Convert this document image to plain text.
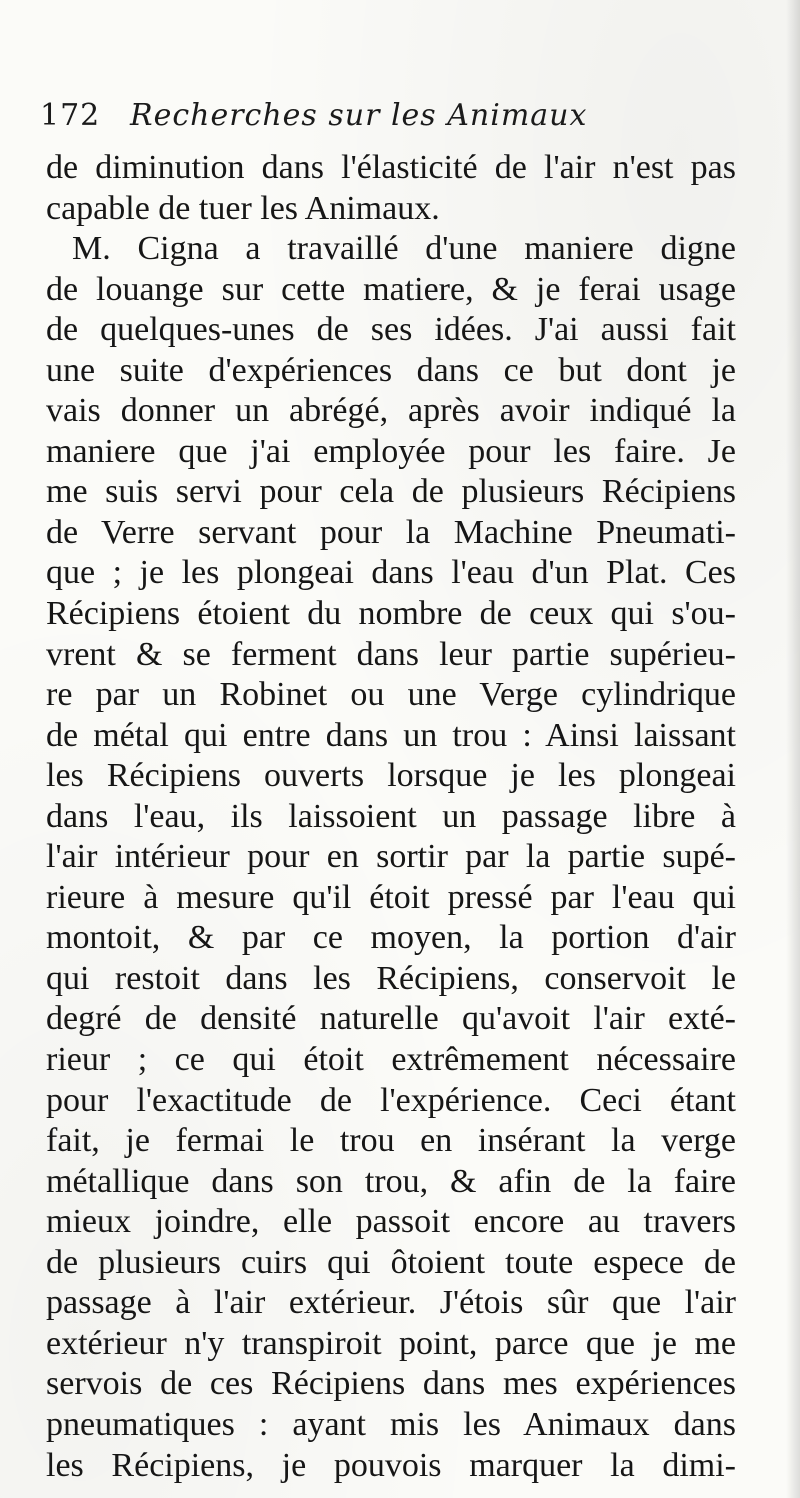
172 Recherches sur les Animaux
de diminution dans l'élasticité de l'air n'est pas
capable de tuer les Animaux.
M. Cigna a travaillé d'une maniere digne
de louange sur cette matiere, & je ferai usage
de quelques-unes de ses idées. J'ai aussi fait
une suite d'expériences dans ce but dont je
vais donner un abrégé, après avoir indiqué la
maniere que j'ai employée pour les faire. Je
me suis servi pour cela de plusieurs Récipiens
de Verre servant pour la Machine Pneumati-
que ; je les plongeai dans l'eau d'un Plat. Ces
Récipiens étoient du nombre de ceux qui s'ou-
vrent & se ferment dans leur partie supérieu-
re par un Robinet ou une Verge cylindrique
de métal qui entre dans un trou : Ainsi laissant
les Récipiens ouverts lorsque je les plongeai
dans l'eau, ils laissoient un passage libre à
l'air intérieur pour en sortir par la partie supé-
rieure à mesure qu'il étoit pressé par l'eau qui
montoit, & par ce moyen, la portion d'air
qui restoit dans les Récipiens, conservoit le
degré de densité naturelle qu'avoit l'air exté-
rieur ; ce qui étoit extrêmement nécessaire
pour l'exactitude de l'expérience. Ceci étant
fait, je fermai le trou en insérant la verge
métallique dans son trou, & afin de la faire
mieux joindre, elle passoit encore au travers
de plusieurs cuirs qui ôtoient toute espece de
passage à l'air extérieur. J'étois sûr que l'air
extérieur n'y transpiroit point, parce que je me
servois de ces Récipiens dans mes expériences
pneumatiques : ayant mis les Animaux dans
les Récipiens, je pouvois marquer la dimi-
